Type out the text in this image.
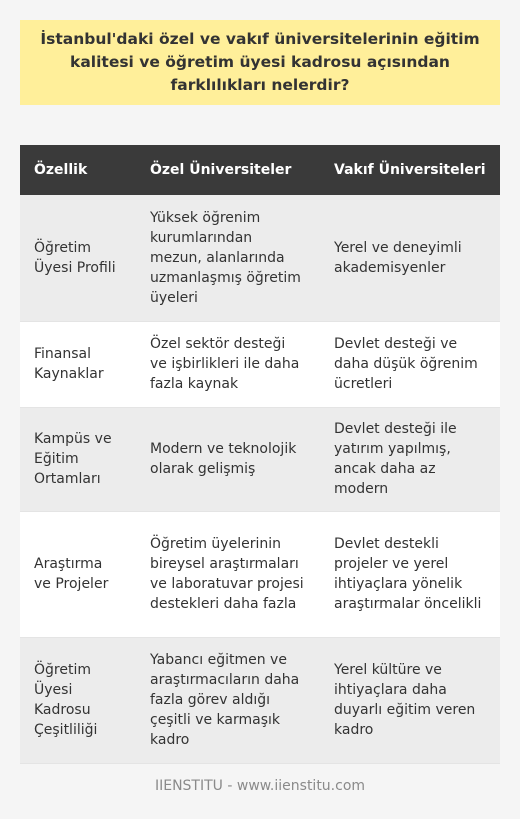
İstanbul'daki özel ve vakıf üniversitelerinin eğitim kalitesi ve öğretim üyesi kadrosu açısından farklılıkları nelerdir?
Özellik	Özel Üniversiteler	Vakıf Üniversiteleri
Öğretim Üyesi Profili	Yüksek öğrenim kurumlarından mezun, alanlarında uzmanlaşmış öğretim üyeleri	Yerel ve deneyimli akademisyenler
Finansal Kaynaklar	Özel sektör desteği ve işbirlikleri ile daha fazla kaynak	Devlet desteği ve daha düşük öğrenim ücretleri
Kampüs ve Eğitim Ortamları	Modern ve teknolojik olarak gelişmiş	Devlet desteği ile yatırım yapılmış, ancak daha az modern
Araştırma ve Projeler	Öğretim üyelerinin bireysel araştırmaları ve laboratuvar projesi destekleri daha fazla	Devlet destekli projeler ve yerel ihtiyaçlara yönelik araştırmalar öncelikli
Öğretim Üyesi Kadrosu Çeşitliliği	Yabancı eğitmen ve araştırmacıların daha fazla görev aldığı çeşitli ve karmaşık kadro	Yerel kültüre ve ihtiyaçlara daha duyarlı eğitim veren kadro
IIENSTITU - www.iienstitu.com
